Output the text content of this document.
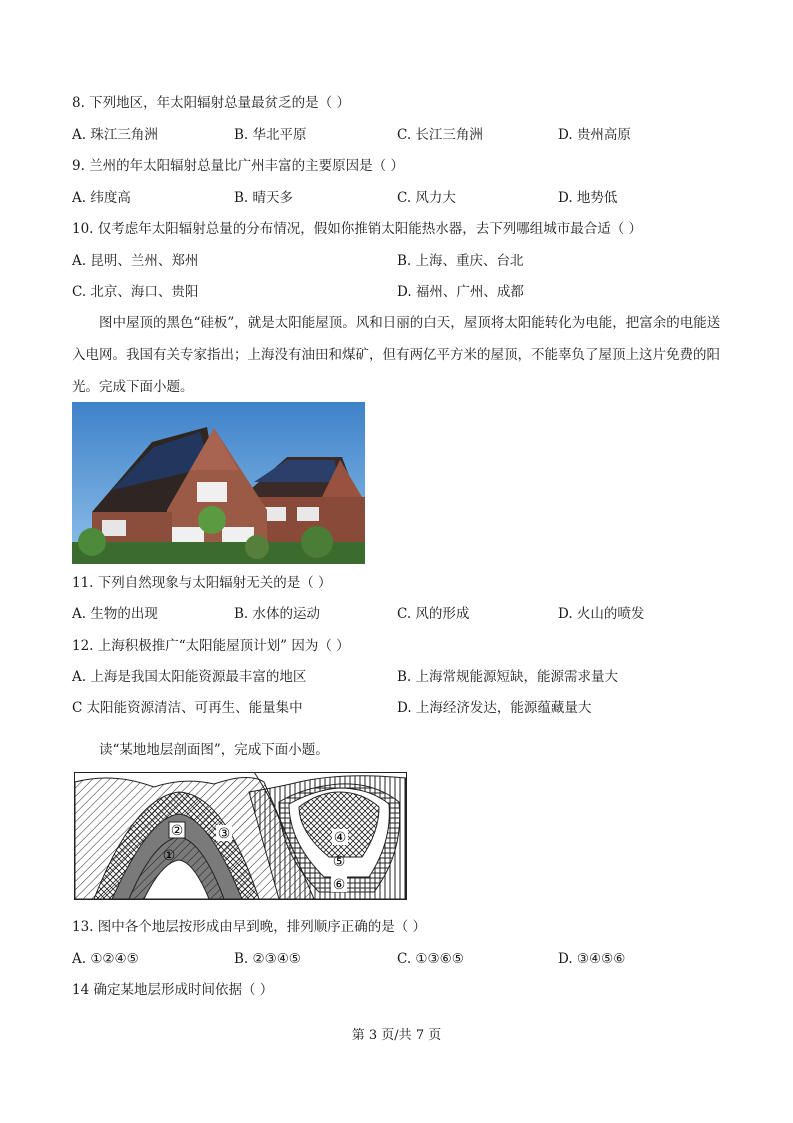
8. 下列地区，年太阳辐射总量最贫乏的是（ ）
A. 珠江三角洲	B. 华北平原	C. 长江三角洲	D. 贵州高原
9. 兰州的年太阳辐射总量比广州丰富的主要原因是（ ）
A. 纬度高	B. 晴天多	C. 风力大	D. 地势低
10. 仅考虑年太阳辐射总量的分布情况，假如你推销太阳能热水器，去下列哪组城市最合适（ ）
A. 昆明、兰州、郑州	B. 上海、重庆、台北
C. 北京、海口、贵阳	D. 福州、广州、成都
图中屋顶的黑色“硅板”，就是太阳能屋顶。风和日丽的白天，屋顶将太阳能转化为电能，把富余的电能送入电网。我国有关专家指出；上海没有油田和煤矿，但有两亿平方米的屋顶，不能辜负了屋顶上这片免费的阳光。完成下面小题。
11. 下列自然现象与太阳辐射无关的是（ ）
A. 生物的出现	B. 水体的运动	C. 风的形成	D. 火山的喷发
12. 上海积极推广“太阳能屋顶计划” 因为（ ）
A. 上海是我国太阳能资源最丰富的地区	B. 上海常规能源短缺，能源需求量大
C 太阳能资源清洁、可再生、能量集中	D. 上海经济发达，能源蕴藏量大
读“某地地层剖面图”，完成下面小题。
②
①
③	④
⑤
⑥
13. 图中各个地层按形成由早到晚，排列顺序正确的是（ ）
A. ①②④⑤	B. ②③④⑤	C. ①③⑥⑤	D. ③④⑤⑥
14 确定某地层形成时间依据（ ）
第 3 页/共 7 页
